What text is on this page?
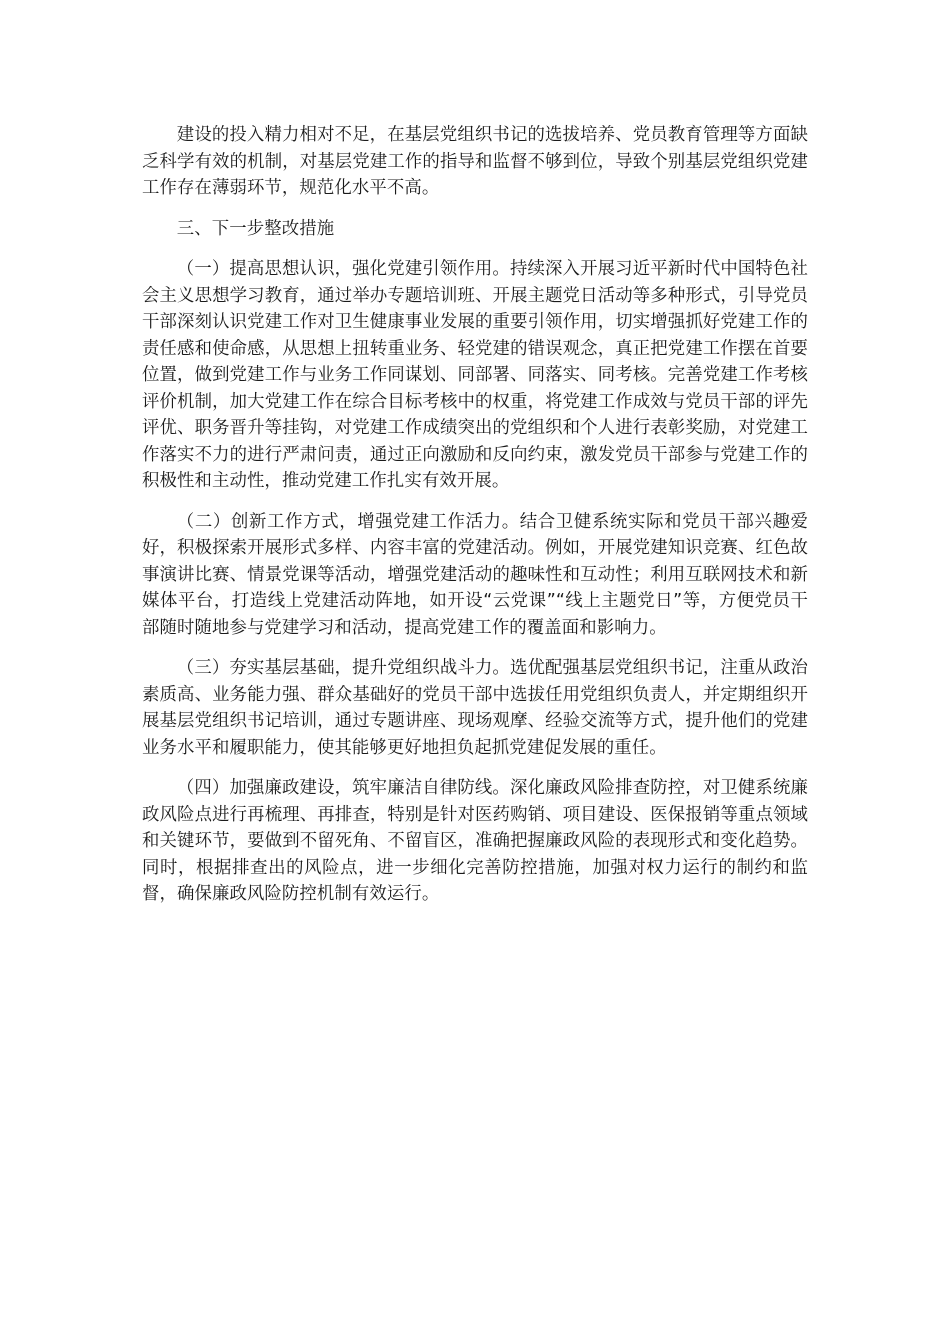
建设的投入精力相对不足，在基层党组织书记的选拔培养、党员教育管理等方面缺乏科学有效的机制，对基层党建工作的指导和监督不够到位，导致个别基层党组织党建工作存在薄弱环节，规范化水平不高。

三、下一步整改措施

（一）提高思想认识，强化党建引领作用。持续深入开展习近平新时代中国特色社会主义思想学习教育，通过举办专题培训班、开展主题党日活动等多种形式，引导党员干部深刻认识党建工作对卫生健康事业发展的重要引领作用，切实增强抓好党建工作的责任感和使命感，从思想上扭转重业务、轻党建的错误观念，真正把党建工作摆在首要位置，做到党建工作与业务工作同谋划、同部署、同落实、同考核。完善党建工作考核评价机制，加大党建工作在综合目标考核中的权重，将党建工作成效与党员干部的评先评优、职务晋升等挂钩，对党建工作成绩突出的党组织和个人进行表彰奖励，对党建工作落实不力的进行严肃问责，通过正向激励和反向约束，激发党员干部参与党建工作的积极性和主动性，推动党建工作扎实有效开展。

（二）创新工作方式，增强党建工作活力。结合卫健系统实际和党员干部兴趣爱好，积极探索开展形式多样、内容丰富的党建活动。例如，开展党建知识竞赛、红色故事演讲比赛、情景党课等活动，增强党建活动的趣味性和互动性；利用互联网技术和新媒体平台，打造线上党建活动阵地，如开设“云党课”“线上主题党日”等，方便党员干部随时随地参与党建学习和活动，提高党建工作的覆盖面和影响力。

（三）夯实基层基础，提升党组织战斗力。选优配强基层党组织书记，注重从政治素质高、业务能力强、群众基础好的党员干部中选拔任用党组织负责人，并定期组织开展基层党组织书记培训，通过专题讲座、现场观摩、经验交流等方式，提升他们的党建业务水平和履职能力，使其能够更好地担负起抓党建促发展的重任。

（四）加强廉政建设，筑牢廉洁自律防线。深化廉政风险排查防控，对卫健系统廉政风险点进行再梳理、再排查，特别是针对医药购销、项目建设、医保报销等重点领域和关键环节，要做到不留死角、不留盲区，准确把握廉政风险的表现形式和变化趋势。同时，根据排查出的风险点，进一步细化完善防控措施，加强对权力运行的制约和监督，确保廉政风险防控机制有效运行。
